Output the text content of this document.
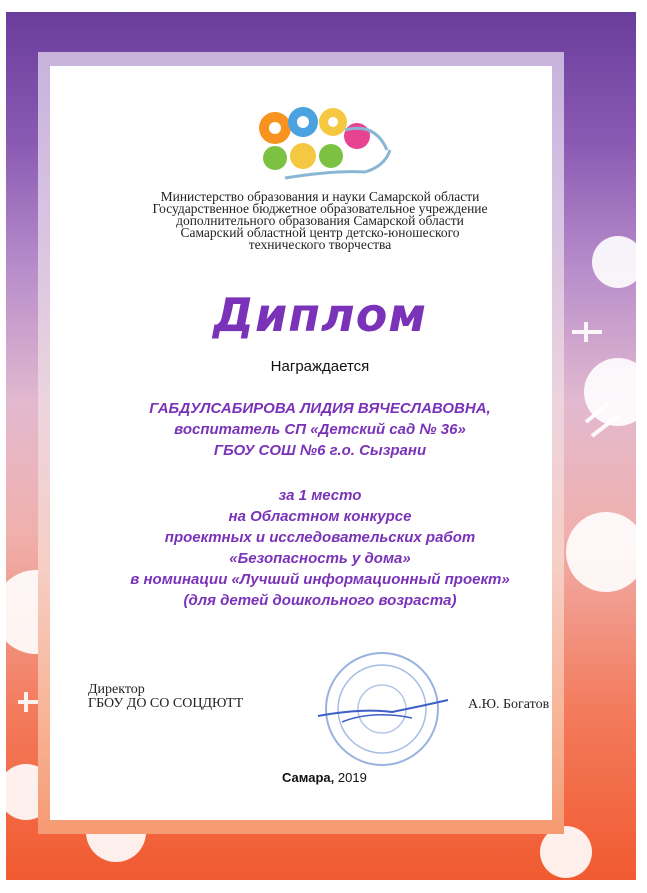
Министерство образования и науки Самарской области
Государственное бюджетное образовательное учреждение
дополнительного образования Самарской области
Самарский областной центр детско-юношеского
технического творчества
Диплом
Награждается
ГАБДУЛСАБИРОВА ЛИДИЯ ВЯЧЕСЛАВОВНА,
воспитатель СП «Детский сад № 36»
ГБОУ СОШ №6 г.о. Сызрани
за 1 место
на Областном конкурсе
проектных и исследовательских работ
«Безопасность у дома»
в номинации «Лучший информационный проект»
(для детей дошкольного возраста)
Директор
ГБОУ ДО СО СОЦДЮТТ	А.Ю. Богатов
Самара, 2019
